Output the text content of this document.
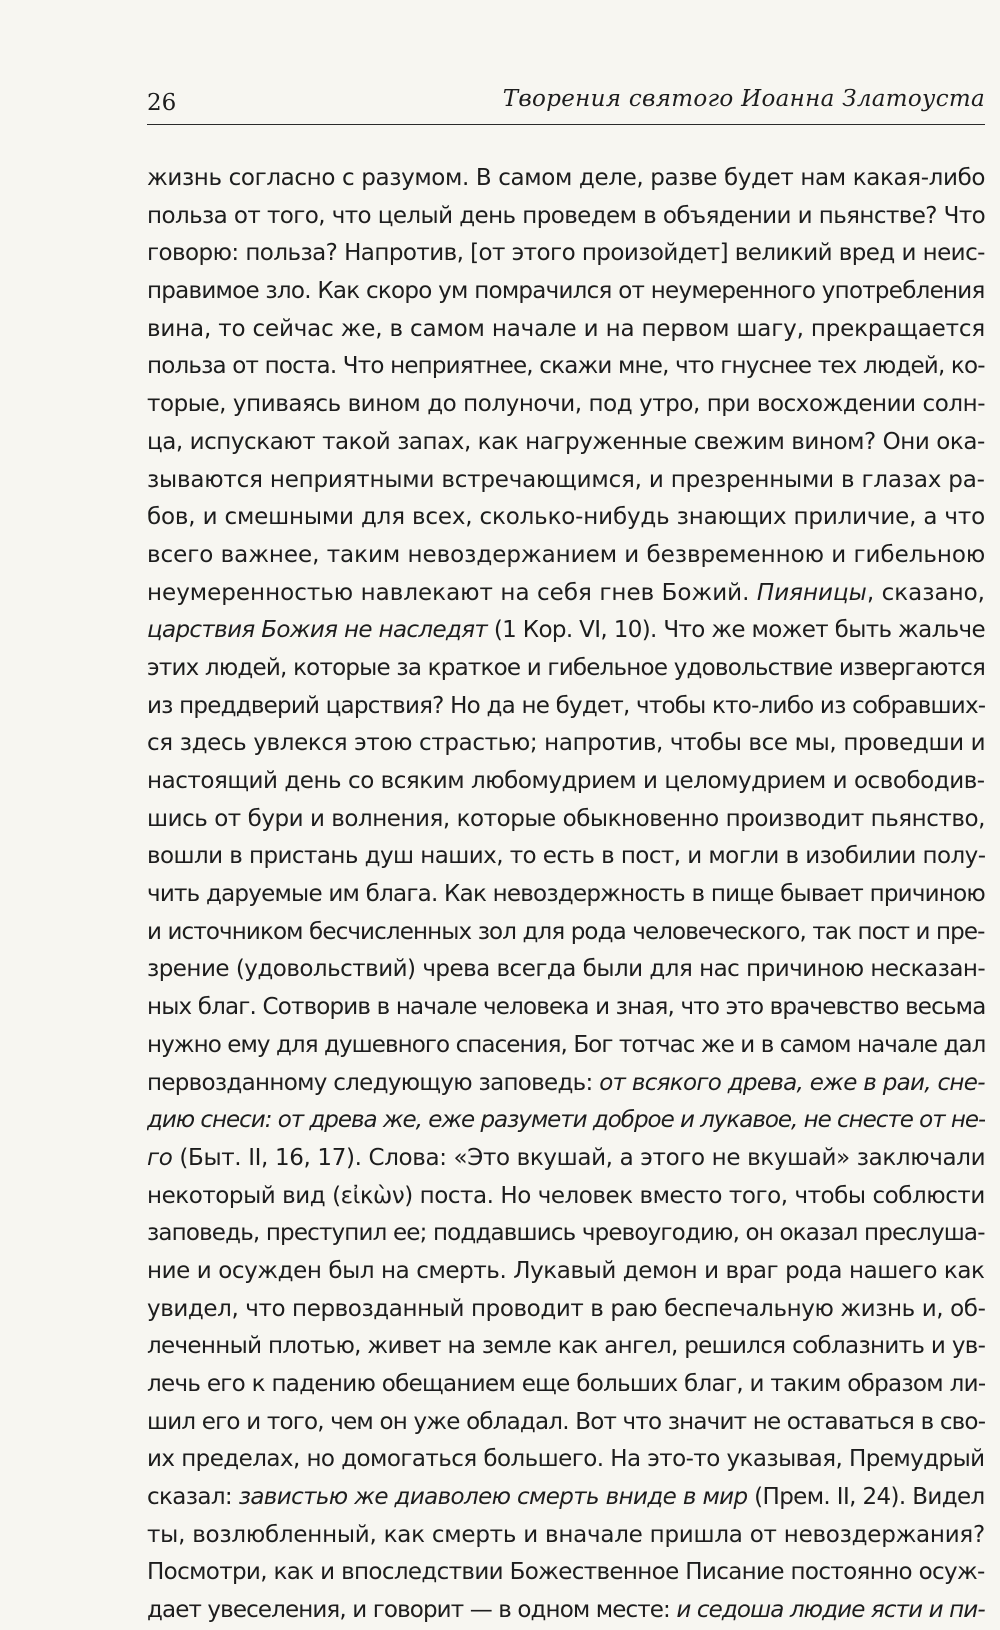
26	Творения святого Иоанна Златоуста
жизнь согласно с разумом. В самом деле, разве будет нам какая-либо
польза от того, что целый день проведем в объядении и пьянстве? Что
говорю: польза? Напротив, [от этого произойдет] великий вред и неис-
правимое зло. Как скоро ум помрачился от неумеренного употребления
вина, то сейчас же, в самом начале и на первом шагу, прекращается
польза от поста. Что неприятнее, скажи мне, что гнуснее тех людей, ко-
торые, упиваясь вином до полуночи, под утро, при восхождении солн-
ца, испускают такой запах, как нагруженные свежим вином? Они ока-
зываются неприятными встречающимся, и презренными в глазах ра-
бов, и смешными для всех, сколько-нибудь знающих приличие, а что
всего важнее, таким невоздержанием и безвременною и гибельною
неумеренностью навлекают на себя гнев Божий. Пияницы, сказано,
царствия Божия не наследят (1 Кор. VI, 10). Что же может быть жальче
этих людей, которые за краткое и гибельное удовольствие извергаются
из преддверий царствия? Но да не будет, чтобы кто-либо из собравших-
ся здесь увлекся этою страстью; напротив, чтобы все мы, проведши и
настоящий день со всяким любомудрием и целомудрием и освободив-
шись от бури и волнения, которые обыкновенно производит пьянство,
вошли в пристань душ наших, то есть в пост, и могли в изобилии полу-
чить даруемые им блага. Как невоздержность в пище бывает причиною
и источником бесчисленных зол для рода человеческого, так пост и пре-
зрение (удовольствий) чрева всегда были для нас причиною несказан-
ных благ. Сотворив в начале человека и зная, что это врачевство весьма
нужно ему для душевного спасения, Бог тотчас же и в самом начале дал
первозданному следующую заповедь: от всякого древа, еже в раи, сне-
дию снеси: от древа же, еже разумети доброе и лукавое, не снесте от не-
го (Быт. II, 16, 17). Слова: «Это вкушай, а этого не вкушай» заключали
некоторый вид (εἰκὼν) поста. Но человек вместо того, чтобы соблюсти
заповедь, преступил ее; поддавшись чревоугодию, он оказал преслуша-
ние и осужден был на смерть. Лукавый демон и враг рода нашего как
увидел, что первозданный проводит в раю беспечальную жизнь и, об-
леченный плотью, живет на земле как ангел, решился соблазнить и ув-
лечь его к падению обещанием еще больших благ, и таким образом ли-
шил его и того, чем он уже обладал. Вот что значит не оставаться в сво-
их пределах, но домогаться большего. На это-то указывая, Премудрый
сказал: завистью же диаволею смерть вниде в мир (Прем. II, 24). Видел
ты, возлюбленный, как смерть и вначале пришла от невоздержания?
Посмотри, как и впоследствии Божественное Писание постоянно осуж-
дает увеселения, и говорит — в одном месте: и седоша людие ясти и пи-
